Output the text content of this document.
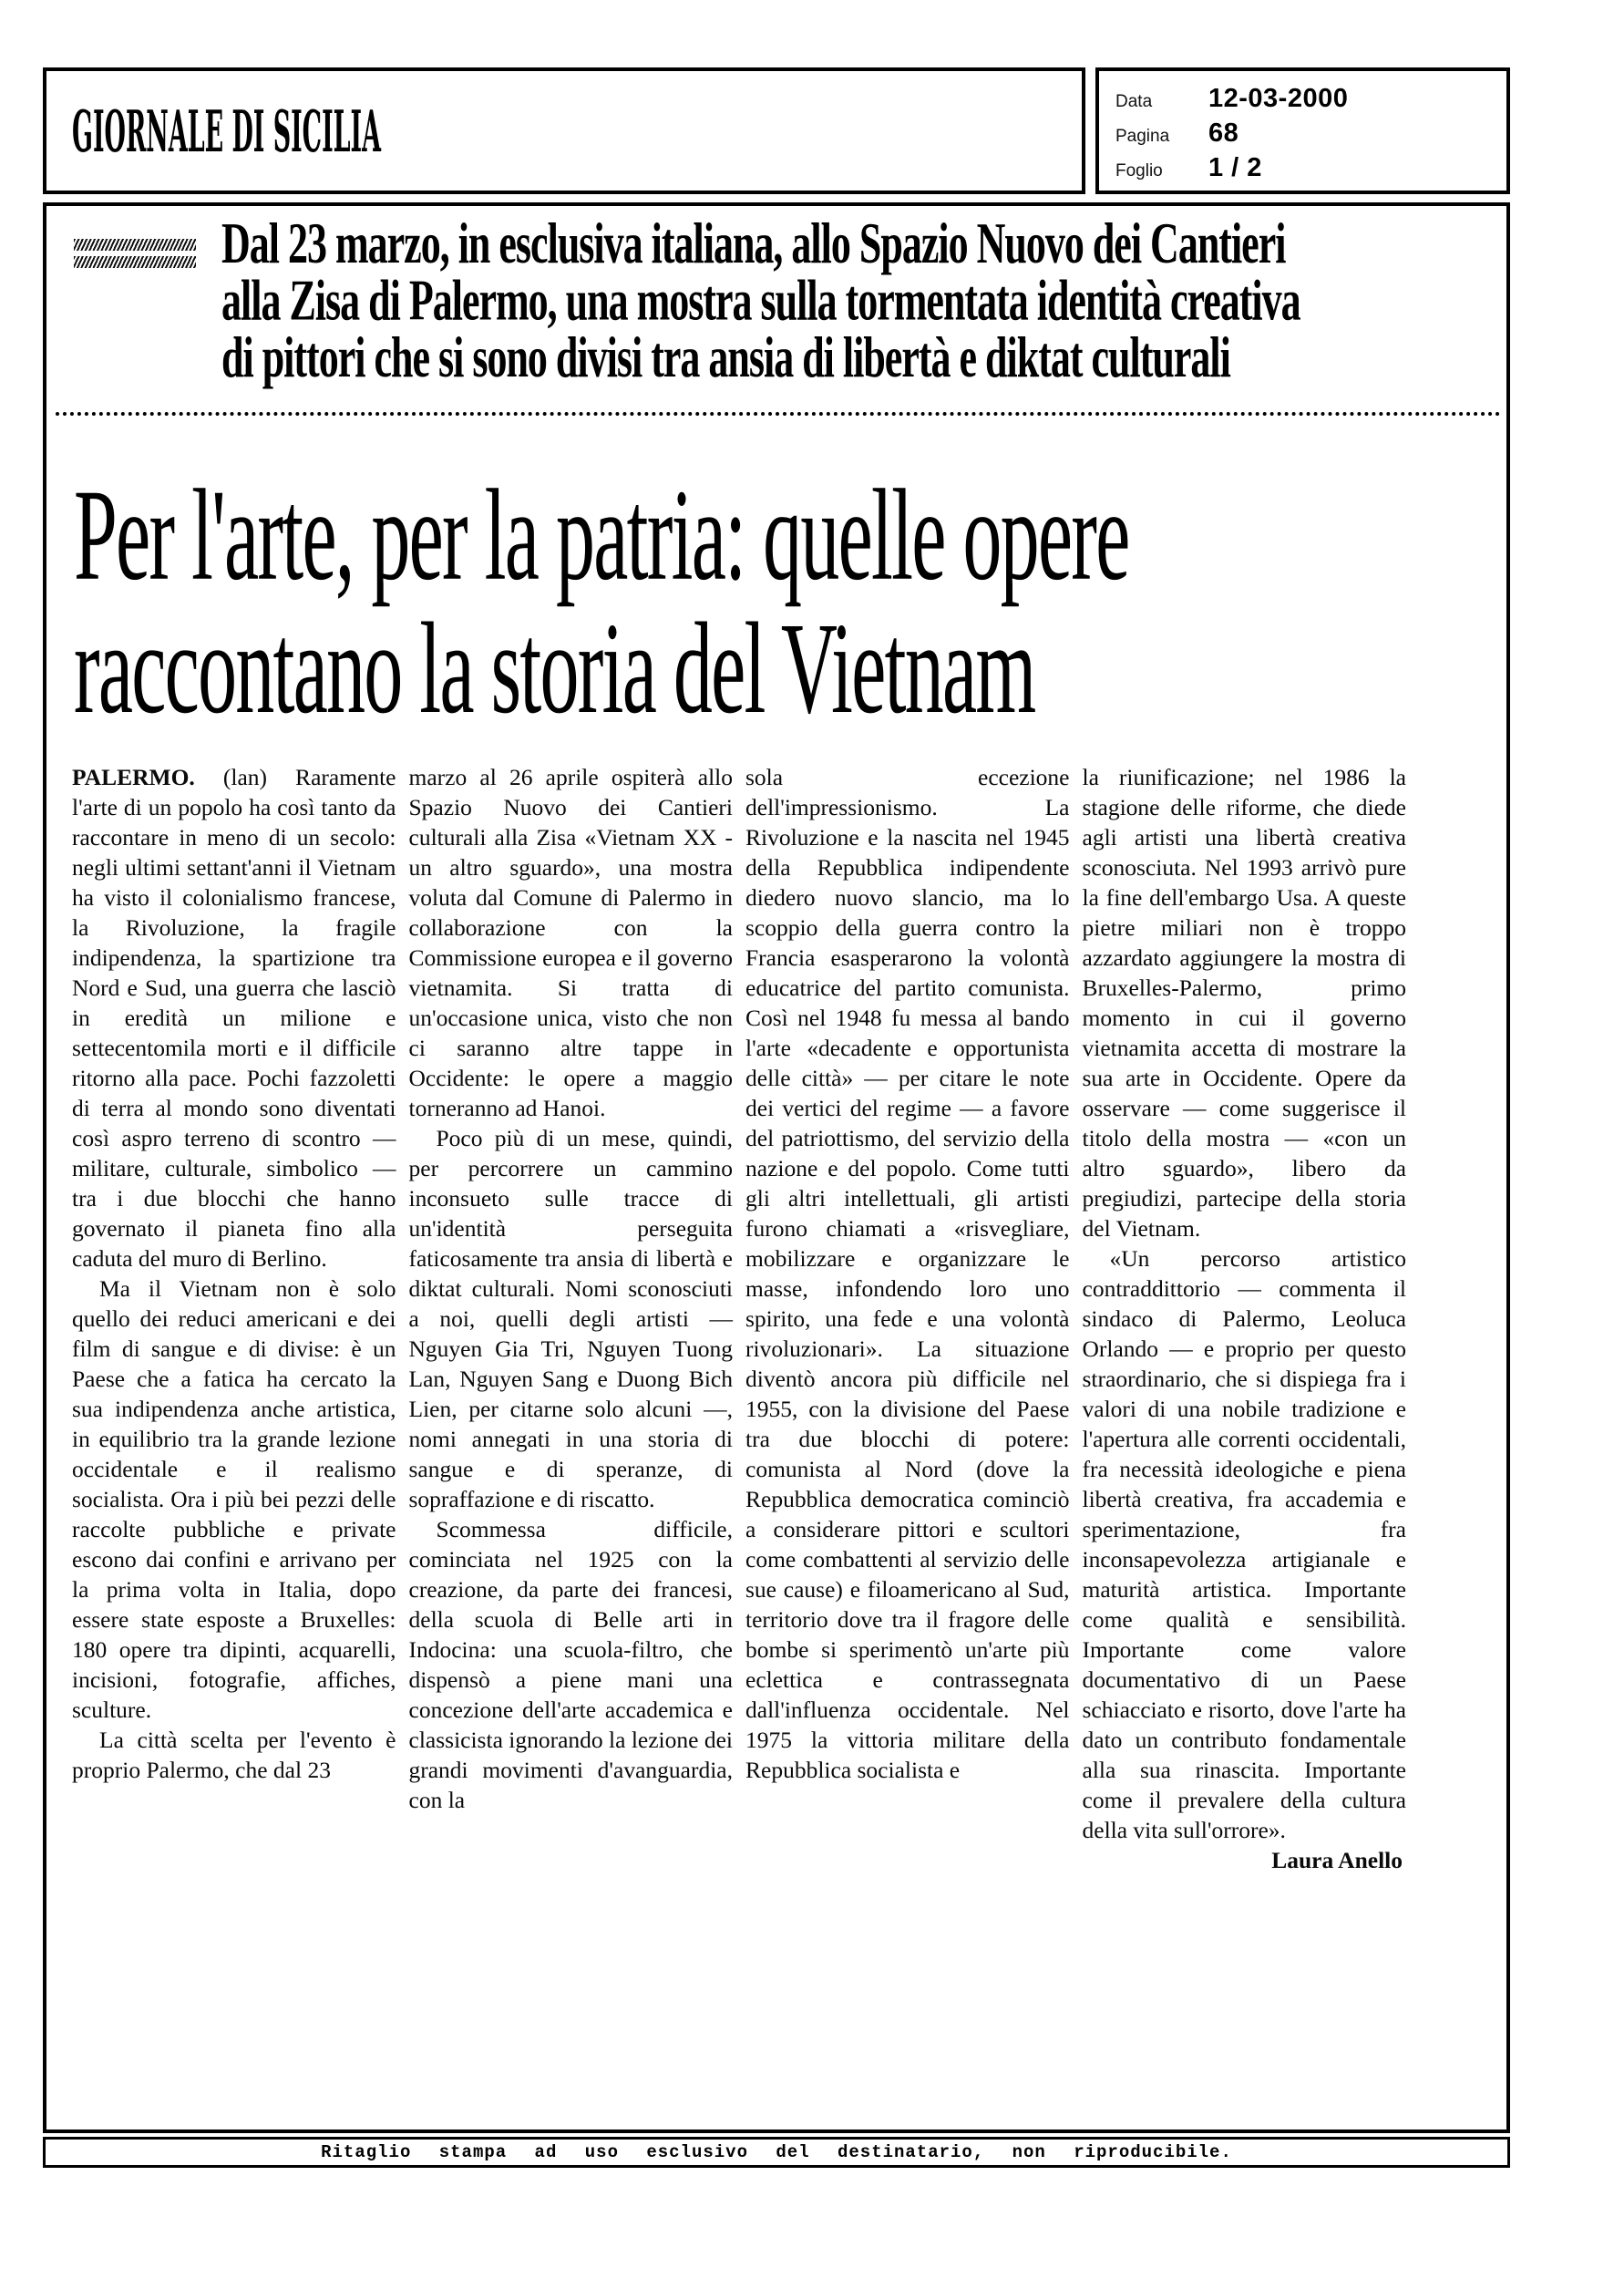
GIORNALE DI SICILIA	Data	12-03-2000
Pagina	68
Foglio	1 / 2
Dal 23 marzo, in esclusiva italiana, allo Spazio Nuovo dei Cantieri
alla Zisa di Palermo, una mostra sulla tormentata identità creativa
di pittori che si sono divisi tra ansia di libertà e diktat culturali
Per l'arte, per la patria: quelle opere
raccontano la storia del Vietnam

PALERMO. (lan) Raramente l'arte di un popolo ha così tanto da raccontare in meno di un secolo: negli ultimi settant'anni il Vietnam ha visto il colonialismo francese, la Rivoluzione, la fragile indipendenza, la spartizione tra Nord e Sud, una guerra che lasciò in eredità un milione e settecentomila morti e il difficile ritorno alla pace. Pochi fazzoletti di terra al mondo sono diventati così aspro terreno di scontro — militare, culturale, simbolico — tra i due blocchi che hanno governato il pianeta fino alla caduta del muro di Berlino.

Ma il Vietnam non è solo quello dei reduci americani e dei film di sangue e di divise: è un Paese che a fatica ha cercato la sua indipendenza anche artistica, in equilibrio tra la grande lezione occidentale e il realismo socialista. Ora i più bei pezzi delle raccolte pubbliche e private escono dai confini e arrivano per la prima volta in Italia, dopo essere state esposte a Bruxelles: 180 opere tra dipinti, acquarelli, incisioni, fotografie, affiches, sculture.

La città scelta per l'evento è proprio Palermo, che dal 23

marzo al 26 aprile ospiterà allo Spazio Nuovo dei Cantieri culturali alla Zisa «Vietnam XX - un altro sguardo», una mostra voluta dal Comune di Palermo in collaborazione con la Commissione europea e il governo vietnamita. Si tratta di un'occasione unica, visto che non ci saranno altre tappe in Occidente: le opere a maggio torneranno ad Hanoi.

Poco più di un mese, quindi, per percorrere un cammino inconsueto sulle tracce di un'identità perseguita faticosamente tra ansia di libertà e diktat culturali. Nomi sconosciuti a noi, quelli degli artisti — Nguyen Gia Tri, Nguyen Tuong Lan, Nguyen Sang e Duong Bich Lien, per citarne solo alcuni —, nomi annegati in una storia di sangue e di speranze, di sopraffazione e di riscatto.

Scommessa difficile, cominciata nel 1925 con la creazione, da parte dei francesi, della scuola di Belle arti in Indocina: una scuola-filtro, che dispensò a piene mani una concezione dell'arte accademica e classicista ignorando la lezione dei grandi movimenti d'avanguardia, con la

sola eccezione dell'impressionismo. La Rivoluzione e la nascita nel 1945 della Repubblica indipendente diedero nuovo slancio, ma lo scoppio della guerra contro la Francia esasperarono la volontà educatrice del partito comunista. Così nel 1948 fu messa al bando l'arte «decadente e opportunista delle città» — per citare le note dei vertici del regime — a favore del patriottismo, del servizio della nazione e del popolo. Come tutti gli altri intellettuali, gli artisti furono chiamati a «risvegliare, mobilizzare e organizzare le masse, infondendo loro uno spirito, una fede e una volontà rivoluzionari». La situazione diventò ancora più difficile nel 1955, con la divisione del Paese tra due blocchi di potere: comunista al Nord (dove la Repubblica democratica cominciò a considerare pittori e scultori come combattenti al servizio delle sue cause) e filoamericano al Sud, territorio dove tra il fragore delle bombe si sperimentò un'arte più eclettica e contrassegnata dall'influenza occidentale. Nel 1975 la vittoria militare della Repubblica socialista e

la riunificazione; nel 1986 la stagione delle riforme, che diede agli artisti una libertà creativa sconosciuta. Nel 1993 arrivò pure la fine dell'embargo Usa. A queste pietre miliari non è troppo azzardato aggiungere la mostra di Bruxelles-Palermo, primo momento in cui il governo vietnamita accetta di mostrare la sua arte in Occidente. Opere da osservare — come suggerisce il titolo della mostra — «con un altro sguardo», libero da pregiudizi, partecipe della storia del Vietnam.

«Un percorso artistico contraddittorio — commenta il sindaco di Palermo, Leoluca Orlando — e proprio per questo straordinario, che si dispiega fra i valori di una nobile tradizione e l'apertura alle correnti occidentali, fra necessità ideologiche e piena libertà creativa, fra accademia e sperimentazione, fra inconsapevolezza artigianale e maturità artistica. Importante come qualità e sensibilità. Importante come valore documentativo di un Paese schiacciato e risorto, dove l'arte ha dato un contributo fondamentale alla sua rinascita. Importante come il prevalere della cultura della vita sull'orrore».

Laura Anello

Ritaglio stampa ad uso esclusivo del destinatario, non riproducibile.
